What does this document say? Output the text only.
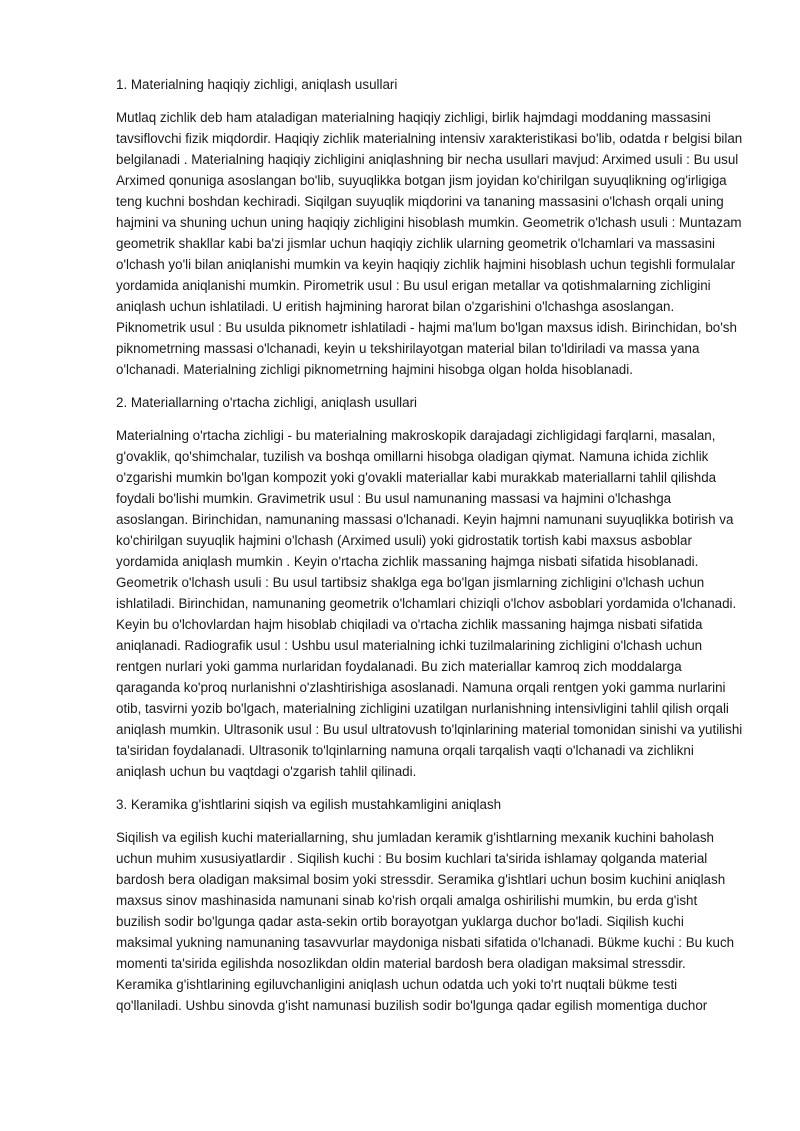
1. Materialning haqiqiy zichligi, aniqlash usullari

Mutlaq zichlik deb ham ataladigan materialning haqiqiy zichligi, birlik hajmdagi moddaning massasini tavsiflovchi fizik miqdordir. Haqiqiy zichlik materialning intensiv xarakteristikasi bo'lib, odatda r belgisi bilan belgilanadi . Materialning haqiqiy zichligini aniqlashning bir necha usullari mavjud: Arximed usuli : Bu usul Arximed qonuniga asoslangan bo'lib, suyuqlikka botgan jism joyidan ko'chirilgan suyuqlikning og'irligiga teng kuchni boshdan kechiradi. Siqilgan suyuqlik miqdorini va tananing massasini o'lchash orqali uning hajmini va shuning uchun uning haqiqiy zichligini hisoblash mumkin. Geometrik o'lchash usuli : Muntazam geometrik shakllar kabi ba'zi jismlar uchun haqiqiy zichlik ularning geometrik o'lchamlari va massasini o'lchash yo'li bilan aniqlanishi mumkin va keyin haqiqiy zichlik hajmini hisoblash uchun tegishli formulalar yordamida aniqlanishi mumkin. Pirometrik usul : Bu usul erigan metallar va qotishmalarning zichligini aniqlash uchun ishlatiladi. U eritish hajmining harorat bilan o'zgarishini o'lchashga asoslangan. Piknometrik usul : Bu usulda piknometr ishlatiladi - hajmi ma'lum bo'lgan maxsus idish. Birinchidan, bo'sh piknometrning massasi o'lchanadi, keyin u tekshirilayotgan material bilan to'ldiriladi va massa yana o'lchanadi. Materialning zichligi piknometrning hajmini hisobga olgan holda hisoblanadi.

2. Materiallarning o'rtacha zichligi, aniqlash usullari

Materialning o'rtacha zichligi - bu materialning makroskopik darajadagi zichligidagi farqlarni, masalan, g'ovaklik, qo'shimchalar, tuzilish va boshqa omillarni hisobga oladigan qiymat. Namuna ichida zichlik o'zgarishi mumkin bo'lgan kompozit yoki g'ovakli materiallar kabi murakkab materiallarni tahlil qilishda foydali bo'lishi mumkin. Gravimetrik usul : Bu usul namunaning massasi va hajmini o'lchashga asoslangan. Birinchidan, namunaning massasi o'lchanadi. Keyin hajmni namunani suyuqlikka botirish va ko'chirilgan suyuqlik hajmini o'lchash (Arximed usuli) yoki gidrostatik tortish kabi maxsus asboblar yordamida aniqlash mumkin . Keyin o'rtacha zichlik massaning hajmga nisbati sifatida hisoblanadi. Geometrik o'lchash usuli : Bu usul tartibsiz shaklga ega bo'lgan jismlarning zichligini o'lchash uchun ishlatiladi. Birinchidan, namunaning geometrik o'lchamlari chiziqli o'lchov asboblari yordamida o'lchanadi. Keyin bu o'lchovlardan hajm hisoblab chiqiladi va o'rtacha zichlik massaning hajmga nisbati sifatida aniqlanadi. Radiografik usul : Ushbu usul materialning ichki tuzilmalarining zichligini o'lchash uchun rentgen nurlari yoki gamma nurlaridan foydalanadi. Bu zich materiallar kamroq zich moddalarga qaraganda ko'proq nurlanishni o'zlashtirishiga asoslanadi. Namuna orqali rentgen yoki gamma nurlarini otib, tasvirni yozib bo'lgach, materialning zichligini uzatilgan nurlanishning intensivligini tahlil qilish orqali aniqlash mumkin. Ultrasonik usul : Bu usul ultratovush to'lqinlarining material tomonidan sinishi va yutilishi ta'siridan foydalanadi. Ultrasonik to'lqinlarning namuna orqali tarqalish vaqti o'lchanadi va zichlikni aniqlash uchun bu vaqtdagi o'zgarish tahlil qilinadi.

3. Keramika g'ishtlarini siqish va egilish mustahkamligini aniqlash

Siqilish va egilish kuchi materiallarning, shu jumladan keramik g'ishtlarning mexanik kuchini baholash uchun muhim xususiyatlardir . Siqilish kuchi : Bu bosim kuchlari ta'sirida ishlamay qolganda material bardosh bera oladigan maksimal bosim yoki stressdir. Seramika g'ishtlari uchun bosim kuchini aniqlash maxsus sinov mashinasida namunani sinab ko'rish orqali amalga oshirilishi mumkin, bu erda g'isht buzilish sodir bo'lgunga qadar asta-sekin ortib borayotgan yuklarga duchor bo'ladi. Siqilish kuchi maksimal yukning namunaning tasavvurlar maydoniga nisbati sifatida o'lchanadi. Bükme kuchi : Bu kuch momenti ta'sirida egilishda nosozlikdan oldin material bardosh bera oladigan maksimal stressdir. Keramika g'ishtlarining egiluvchanligini aniqlash uchun odatda uch yoki to'rt nuqtali bükme testi qo'llaniladi. Ushbu sinovda g'isht namunasi buzilish sodir bo'lgunga qadar egilish momentiga duchor
